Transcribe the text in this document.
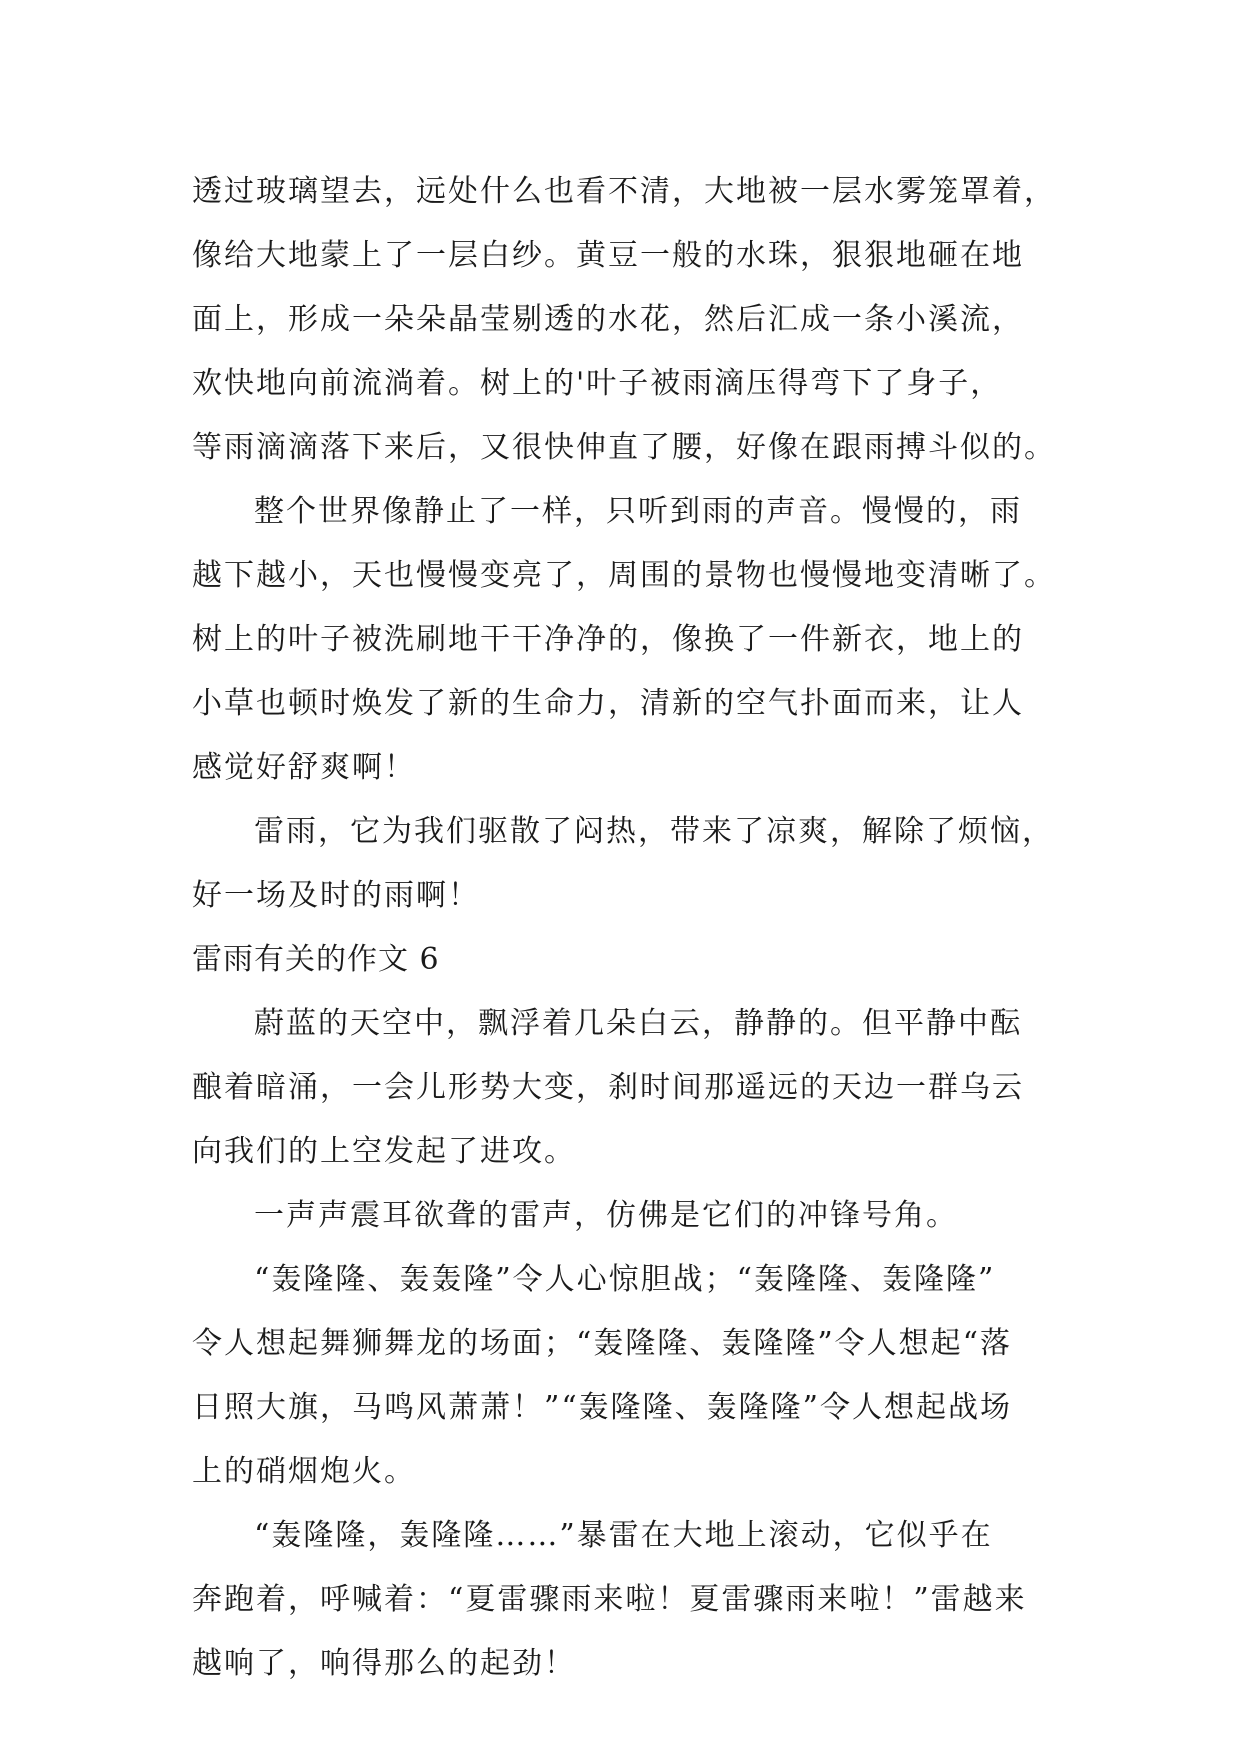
透过玻璃望去，远处什么也看不清，大地被一层水雾笼罩着，
像给大地蒙上了一层白纱。黄豆一般的水珠，狠狠地砸在地
面上，形成一朵朵晶莹剔透的水花，然后汇成一条小溪流，
欢快地向前流淌着。树上的'叶子被雨滴压得弯下了身子，
等雨滴滴落下来后，又很快伸直了腰，好像在跟雨搏斗似的。
整个世界像静止了一样，只听到雨的声音。慢慢的，雨
越下越小，天也慢慢变亮了，周围的景物也慢慢地变清晰了。
树上的叶子被洗刷地干干净净的，像换了一件新衣，地上的
小草也顿时焕发了新的生命力，清新的空气扑面而来，让人
感觉好舒爽啊！
雷雨，它为我们驱散了闷热，带来了凉爽，解除了烦恼，
好一场及时的雨啊！
雷雨有关的作文 6
蔚蓝的天空中，飘浮着几朵白云，静静的。但平静中酝
酿着暗涌，一会儿形势大变，刹时间那遥远的天边一群乌云
向我们的上空发起了进攻。
一声声震耳欲聋的雷声，仿佛是它们的冲锋号角。
“轰隆隆、轰轰隆”令人心惊胆战；“轰隆隆、轰隆隆”
令人想起舞狮舞龙的场面；“轰隆隆、轰隆隆”令人想起“落
日照大旗，马鸣风萧萧！”“轰隆隆、轰隆隆”令人想起战场
上的硝烟炮火。
“轰隆隆，轰隆隆……”暴雷在大地上滚动，它似乎在
奔跑着，呼喊着：“夏雷骤雨来啦！夏雷骤雨来啦！”雷越来
越响了，响得那么的起劲！
